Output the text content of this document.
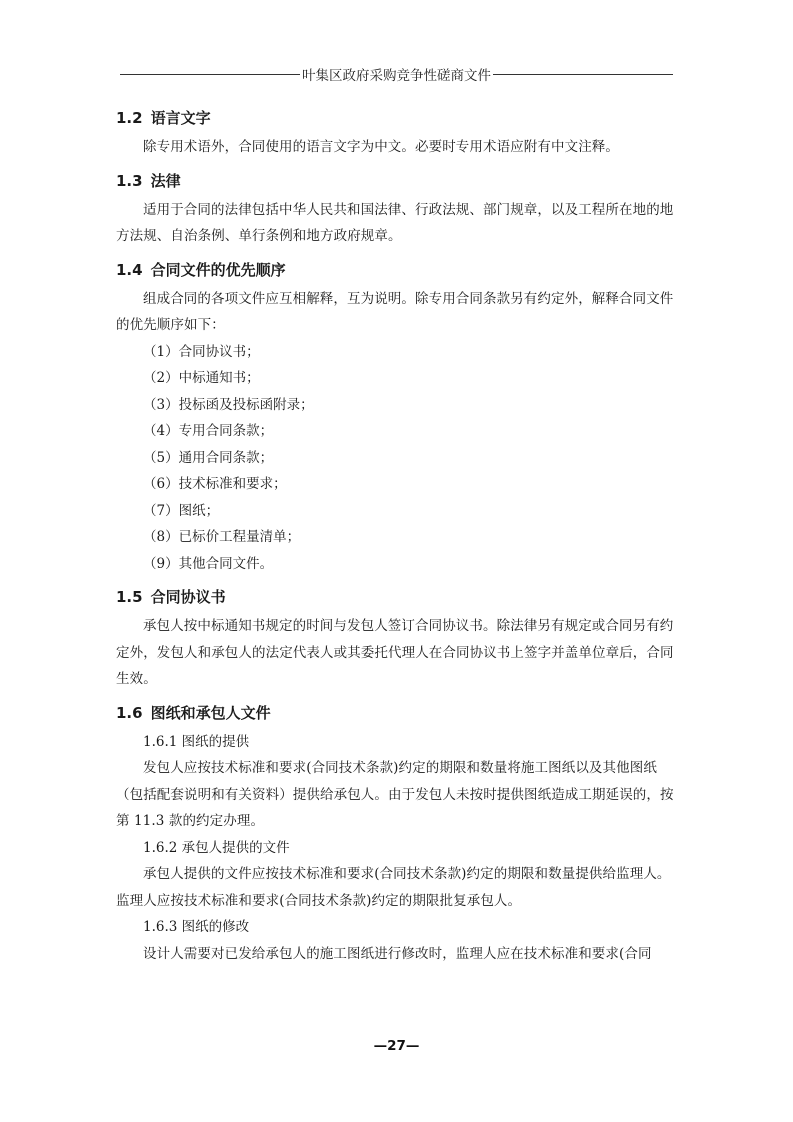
叶集区政府采购竞争性磋商文件
1.2 语言文字

除专用术语外，合同使用的语言文字为中文。必要时专用术语应附有中文注释。

1.3 法律

适用于合同的法律包括中华人民共和国法律、行政法规、部门规章，以及工程所在地的地方法规、自治条例、单行条例和地方政府规章。

1.4 合同文件的优先顺序

组成合同的各项文件应互相解释，互为说明。除专用合同条款另有约定外，解释合同文件的优先顺序如下：

（1）合同协议书；
（2）中标通知书；
（3）投标函及投标函附录；
（4）专用合同条款；
（5）通用合同条款；
（6）技术标准和要求；
（7）图纸；
（8）已标价工程量清单；
（9）其他合同文件。
1.5 合同协议书

承包人按中标通知书规定的时间与发包人签订合同协议书。除法律另有规定或合同另有约定外，发包人和承包人的法定代表人或其委托代理人在合同协议书上签字并盖单位章后，合同生效。

1.6 图纸和承包人文件
1.6.1 图纸的提供

发包人应按技术标准和要求(合同技术条款)约定的期限和数量将施工图纸以及其他图纸（包括配套说明和有关资料）提供给承包人。由于发包人未按时提供图纸造成工期延误的，按第 11.3 款的约定办理。

1.6.2 承包人提供的文件

承包人提供的文件应按技术标准和要求(合同技术条款)约定的期限和数量提供给监理人。监理人应按技术标准和要求(合同技术条款)约定的期限批复承包人。

1.6.3 图纸的修改

设计人需要对已发给承包人的施工图纸进行修改时，监理人应在技术标准和要求(合同

—27—
